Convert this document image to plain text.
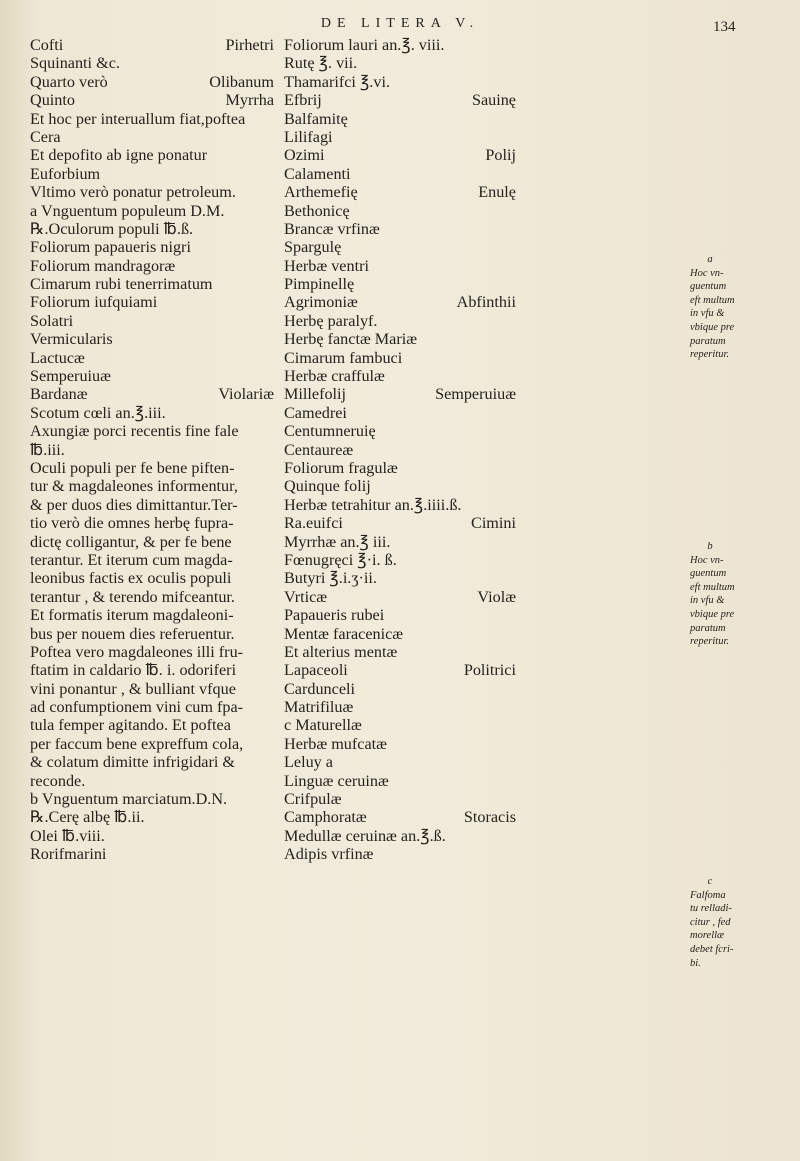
DE LITERA V.	134
Cofti	Pirhetri
Squinanti &c.
Quarto verò	Olibanum
Quinto	Myrrha
Et hoc per interuallum fiat,poftea
Cera
Et depofito ab igne ponatur
Euforbium
Vltimo verò ponatur petroleum.
a Vnguentum populeum D.M.
℞.Oculorum populi ℔.ß.
Foliorum papaueris nigri
Foliorum mandragoræ
Cimarum rubi tenerrimatum
Foliorum iufquiami
Solatri
Vermicularis
Lactucæ
Semperuiuæ
Bardanæ	Violariæ
Scotum cœli an.℥.iii.
Axungiæ porci recentis fine fale
℔.iii.
Oculi populi per fe bene piften-
tur & magdaleones informentur,
& per duos dies dimittantur.Ter-
tio verò die omnes herbę fupra-
dictę colligantur, & per fe bene
terantur. Et iterum cum magda-
leonibus factis ex oculis populi
terantur , & terendo mifceantur.
Et formatis iterum magdaleoni-
bus per nouem dies referuentur.
Poftea vero magdaleones illi fru-
ftatim in caldario ℔. i. odoriferi
vini ponantur , & bulliant vfque
ad confumptionem vini cum fpa-
tula femper agitando. Et poftea
per faccum bene expreffum cola,
& colatum dimitte infrigidari &
reconde.
b Vnguentum marciatum.D.N.
℞.Cerę albę ℔.ii.
Olei ℔.viii.
Rorifmarini
Foliorum lauri an.℥. viii.
Rutę ℥. vii.
Thamarifci ℥.vi.
Efbrij	Sauinę
Balfamitę
Lilifagi
Ozimi	Polij
Calamenti
Arthemefię	Enulę
Bethonicę
Brancæ vrfinæ
Spargulę
Herbæ ventri
Pimpinellę
Agrimoniæ	Abfinthii
Herbę paralyf.
Herbę fanctæ Mariæ
Cimarum fambuci
Herbæ craffulæ
Millefolij	Semperuiuæ
Camedrei
Centumneruię
Centaureæ
Foliorum fragulæ
Quinque folij
Herbæ tetrahitur an.℥.iiii.ß.
Ra.euifci	Cimini
Myrrhæ an.℥ iii.
Fœnugręci ℥·i. ß.
Butyri ℥.i.ʒ·ii.
Vrticæ	Violæ
Papaueris rubei
Mentæ faracenicæ
Et alterius mentæ
Lapaceoli	Politrici
Cardunceli
Matrifiluæ
c Maturellæ
Herbæ mufcatæ
Leluy a
Linguæ ceruinæ
Crifpulæ
Camphoratæ	Storacis
Medullæ ceruinæ an.℥.ß.
Adipis vrfinæ
a
Hoc vn-
guentum
eft multum
in vfu &
vbique pre
paratum
reperitur.
b
Hoc vn-
guentum
eft multum
in vfu &
vbique pre
paratum
reperitur.
c
Falfoma
tu relladi-
citur , fed
morellæ
debet fcri-
bi.
